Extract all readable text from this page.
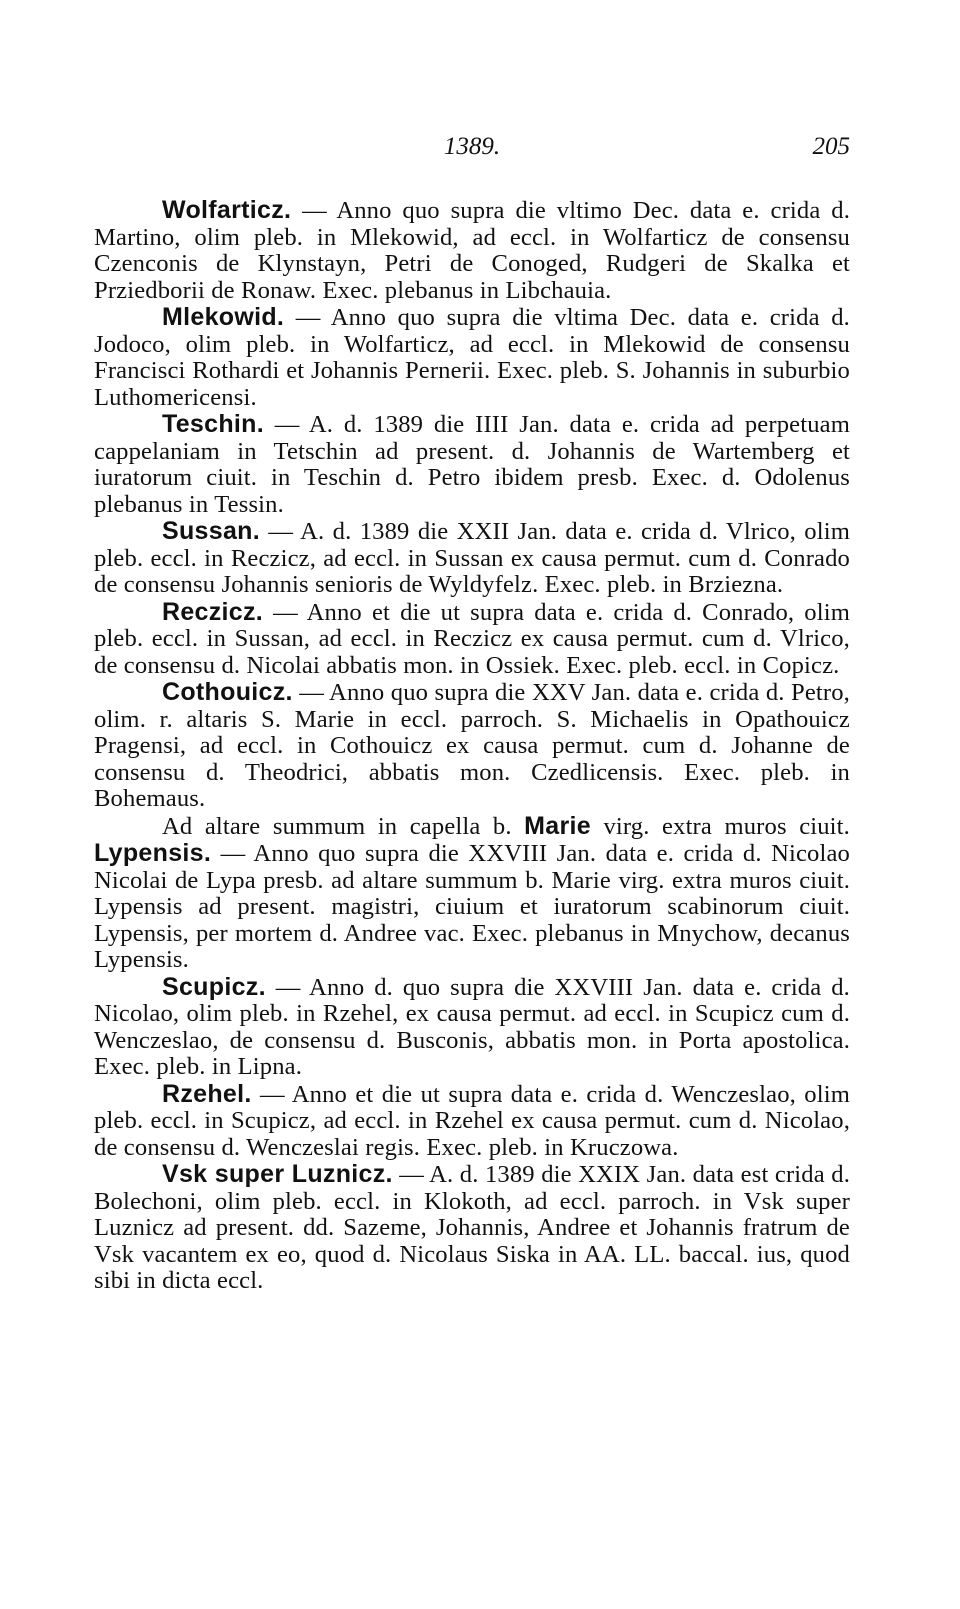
1389.	205

Wolfarticz. — Anno quo supra die vltimo Dec. data e. crida d. Martino, olim pleb. in Mlekowid, ad eccl. in Wolfarticz de consensu Czenconis de Klynstayn, Petri de Conoged, Rudgeri de Skalka et Prziedborii de Ronaw. Exec. plebanus in Libchauia.

Mlekowid. — Anno quo supra die vltima Dec. data e. crida d. Jodoco, olim pleb. in Wolfarticz, ad eccl. in Mlekowid de consensu Francisci Rothardi et Johannis Pernerii. Exec. pleb. S. Johannis in suburbio Luthomericensi.

Teschin. — A. d. 1389 die IIII Jan. data e. crida ad perpetuam cappelaniam in Tetschin ad present. d. Johannis de Wartemberg et iuratorum ciuit. in Teschin d. Petro ibidem presb. Exec. d. Odolenus plebanus in Tessin.

Sussan. — A. d. 1389 die XXII Jan. data e. crida d. Vlrico, olim pleb. eccl. in Reczicz, ad eccl. in Sussan ex causa permut. cum d. Conrado de consensu Johannis senioris de Wyldyfelz. Exec. pleb. in Brziezna.

Reczicz. — Anno et die ut supra data e. crida d. Conrado, olim pleb. eccl. in Sussan, ad eccl. in Reczicz ex causa permut. cum d. Vlrico, de consensu d. Nicolai abbatis mon. in Ossiek. Exec. pleb. eccl. in Copicz.

Cothouicz. — Anno quo supra die XXV Jan. data e. crida d. Petro, olim. r. altaris S. Marie in eccl. parroch. S. Michaelis in Opathouicz Pragensi, ad eccl. in Cothouicz ex causa permut. cum d. Johanne de consensu d. Theodrici, abbatis mon. Czedlicensis. Exec. pleb. in Bohemaus.

Ad altare summum in capella b. Marie virg. extra muros ciuit. Lypensis. — Anno quo supra die XXVIII Jan. data e. crida d. Nicolao Nicolai de Lypa presb. ad altare summum b. Marie virg. extra muros ciuit. Lypensis ad present. magistri, ciuium et iuratorum scabinorum ciuit. Lypensis, per mortem d. Andree vac. Exec. plebanus in Mnychow, decanus Lypensis.

Scupicz. — Anno d. quo supra die XXVIII Jan. data e. crida d. Nicolao, olim pleb. in Rzehel, ex causa permut. ad eccl. in Scupicz cum d. Wenczeslao, de consensu d. Busconis, abbatis mon. in Porta apostolica. Exec. pleb. in Lipna.

Rzehel. — Anno et die ut supra data e. crida d. Wenczeslao, olim pleb. eccl. in Scupicz, ad eccl. in Rzehel ex causa permut. cum d. Nicolao, de consensu d. Wenczeslai regis. Exec. pleb. in Kruczowa.

Vsk super Luznicz. — A. d. 1389 die XXIX Jan. data est crida d. Bolechoni, olim pleb. eccl. in Klokoth, ad eccl. parroch. in Vsk super Luznicz ad present. dd. Sazeme, Johannis, Andree et Johannis fratrum de Vsk vacantem ex eo, quod d. Nicolaus Siska in AA. LL. baccal. ius, quod sibi in dicta eccl.
